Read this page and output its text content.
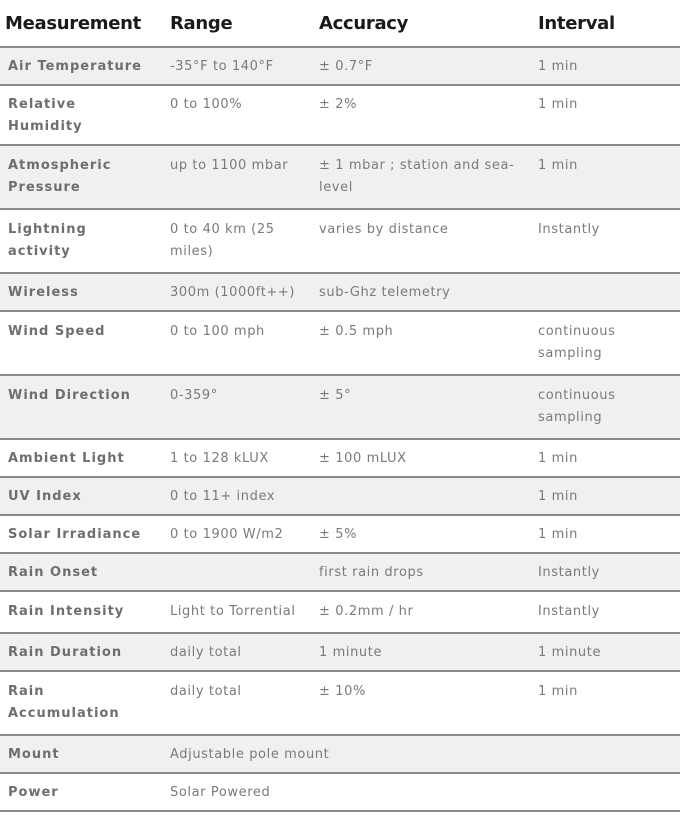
Measurement	Range	Accuracy	Interval
Air Temperature	-35°F to 140°F	± 0.7°F	1 min
Relative Humidity	0 to 100%	± 2%	1 min
Atmospheric Pressure	up to 1100 mbar	± 1 mbar ; station and sea-level	1 min
Lightning activity	0 to 40 km (25 miles)	varies by distance	Instantly
Wireless	300m (1000ft++)	sub-Ghz telemetry	
Wind Speed	0 to 100 mph	± 0.5 mph	continuous sampling
Wind Direction	0-359°	± 5°	continuous sampling
Ambient Light	1 to 128 kLUX	± 100 mLUX	1 min
UV Index	0 to 11+ index		1 min
Solar Irradiance	0 to 1900 W/m2	± 5%	1 min
Rain Onset		first rain drops	Instantly
Rain Intensity	Light to Torrential	± 0.2mm / hr	Instantly
Rain Duration	daily total	1 minute	1 minute
Rain Accumulation	daily total	± 10%	1 min
Mount	Adjustable pole mount		
Power	Solar Powered		
